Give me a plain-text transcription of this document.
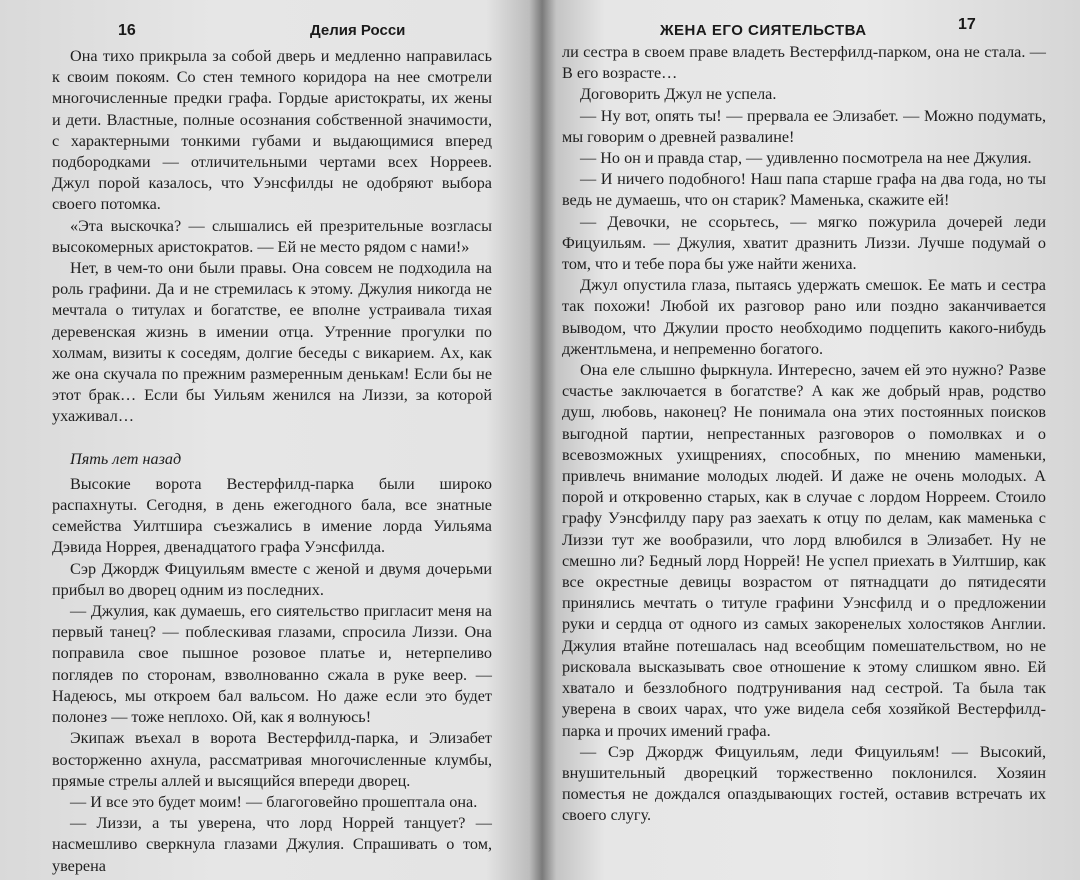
16	Делия Росси

Она тихо прикрыла за собой дверь и медленно направилась к своим покоям. Со стен темного коридора на нее смотрели многочисленные предки графа. Гордые аристократы, их жены и дети. Властные, полные осознания собственной значимости, с характерными тонкими губами и выдающимися вперед подбородками — отличительными чертами всех Норреев. Джул порой казалось, что Уэнсфилды не одобряют выбора своего потомка.

«Эта выскочка? — слышались ей презрительные возгласы высокомерных аристократов. — Ей не место рядом с нами!»

Нет, в чем-то они были правы. Она совсем не подходила на роль графини. Да и не стремилась к этому. Джулия никогда не мечтала о титулах и богатстве, ее вполне устраивала тихая деревенская жизнь в имении отца. Утренние прогулки по холмам, визиты к соседям, долгие беседы с викарием. Ах, как же она скучала по прежним размеренным денькам! Если бы не этот брак… Если бы Уильям женился на Лиззи, за которой ухаживал…

Пять лет назад

Высокие ворота Вестерфилд-парка были широко распахнуты. Сегодня, в день ежегодного бала, все знатные семейства Уилтшира съезжались в имение лорда Уильяма Дэвида Норрея, двенадцатого графа Уэнсфилда.

Сэр Джордж Фицуильям вместе с женой и двумя дочерьми прибыл во дворец одним из последних.

— Джулия, как думаешь, его сиятельство пригласит меня на первый танец? — поблескивая глазами, спросила Лиззи. Она поправила свое пышное розовое платье и, нетерпеливо поглядев по сторонам, взволнованно сжала в руке веер. — Надеюсь, мы откроем бал вальсом. Но даже если это будет полонез — тоже неплохо. Ой, как я волнуюсь!

Экипаж въехал в ворота Вестерфилд-парка, и Элизабет восторженно ахнула, рассматривая многочисленные клумбы, прямые стрелы аллей и высящийся впереди дворец.

— И все это будет моим! — благоговейно прошептала она.

— Лиззи, а ты уверена, что лорд Норрей танцует? — насмешливо сверкнула глазами Джулия. Спрашивать о том, уверена

ЖЕНА ЕГО СИЯТЕЛЬСТВА	17

ли сестра в своем праве владеть Вестерфилд-парком, она не стала. — В его возрасте…

Договорить Джул не успела.

— Ну вот, опять ты! — прервала ее Элизабет. — Можно подумать, мы говорим о древней развалине!

— Но он и правда стар, — удивленно посмотрела на нее Джулия.

— И ничего подобного! Наш папа старше графа на два года, но ты ведь не думаешь, что он старик? Маменька, скажите ей!

— Девочки, не ссорьтесь, — мягко пожурила дочерей леди Фицуильям. — Джулия, хватит дразнить Лиззи. Лучше подумай о том, что и тебе пора бы уже найти жениха.

Джул опустила глаза, пытаясь удержать смешок. Ее мать и сестра так похожи! Любой их разговор рано или поздно заканчивается выводом, что Джулии просто необходимо подцепить какого-нибудь джентльмена, и непременно богатого.

Она еле слышно фыркнула. Интересно, зачем ей это нужно? Разве счастье заключается в богатстве? А как же добрый нрав, родство душ, любовь, наконец? Не понимала она этих постоянных поисков выгодной партии, непрестанных разговоров о помолвках и о всевозможных ухищрениях, способных, по мнению маменьки, привлечь внимание молодых людей. И даже не очень молодых. А порой и откровенно старых, как в случае с лордом Норреем. Стоило графу Уэнсфилду пару раз заехать к отцу по делам, как маменька с Лиззи тут же вообразили, что лорд влюбился в Элизабет. Ну не смешно ли? Бедный лорд Норрей! Не успел приехать в Уилтшир, как все окрестные девицы возрастом от пятнадцати до пятидесяти принялись мечтать о титуле графини Уэнсфилд и о предложении руки и сердца от одного из самых закоренелых холостяков Англии. Джулия втайне потешалась над всеобщим помешательством, но не рисковала высказывать свое отношение к этому слишком явно. Ей хватало и беззлобного подтрунивания над сестрой. Та была так уверена в своих чарах, что уже видела себя хозяйкой Вестерфилд-парка и прочих имений графа.

— Сэр Джордж Фицуильям, леди Фицуильям! — Высокий, внушительный дворецкий торжественно поклонился. Хозяин поместья не дождался опаздывающих гостей, оставив встречать их своего слугу.
